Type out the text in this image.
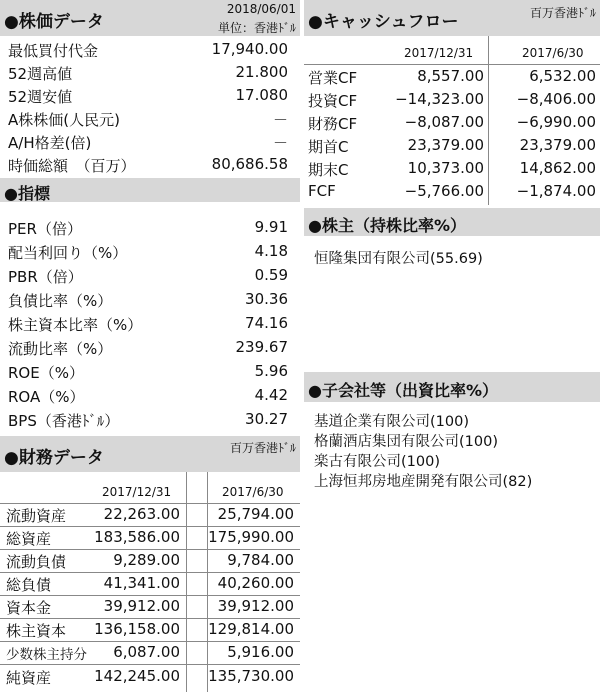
●株価データ
2018/06/01
単位：香港ﾄﾞﾙ
最低買付代金	17,940.00
52週高値	21.800
52週安値	17.080
A株株価(人民元)	－
A/H格差(倍)	－
時価総額　（百万）	80,686.58
●指標
PER（倍）	9.91
配当利回り（%）	4.18
PBR（倍）	0.59
負債比率（%）	30.36
株主資本比率（%）	74.16
流動比率（%）	239.67
ROE（%）	5.96
ROA（%）	4.42
BPS（香港ﾄﾞﾙ）	30.27
●財務データ	百万香港ﾄﾞﾙ
2017/12/31	2017/6/30
流動資産	22,263.00	25,794.00
総資産	183,586.00 175,990.00
流動負債	9,289.00	9,784.00
総負債	41,341.00	40,260.00
資本金	39,912.00	39,912.00
株主資本 136,158.00 129,814.00
少数株主持分 6,087.00	5,916.00
純資産	142,245.00 135,730.00
●キャッシュフロー	百万香港ﾄﾞﾙ
2017/12/31	2017/6/30
営業CF	8,557.00	6,532.00
投資CF	−14,323.00 −8,406.00
財務CF	−8,087.00 −6,990.00
期首C	23,379.00 23,379.00
期末C	10,373.00 14,862.00
FCF	−5,766.00 −1,874.00
●株主（持株比率%）
恒隆集団有限公司(55.69)
●子会社等（出資比率%）
基道企業有限公司(100)
格蘭酒店集団有限公司(100)
楽古有限公司(100)
上海恒邦房地産開発有限公司(82)
